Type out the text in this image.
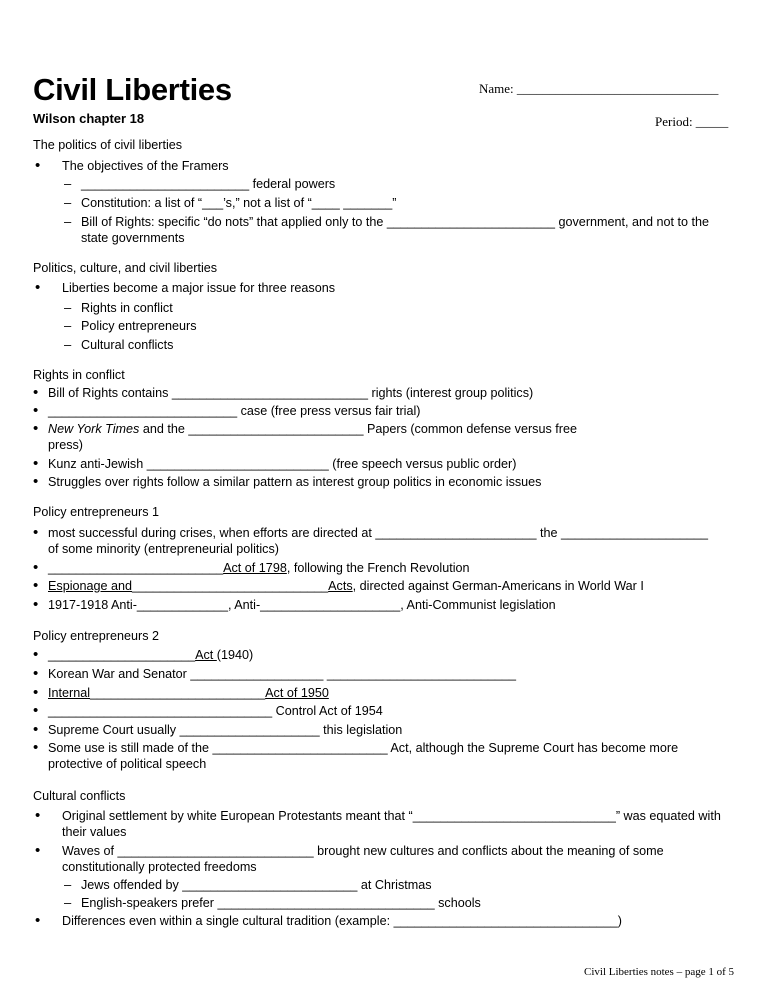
Civil Liberties
Wilson chapter 18
Name: _______________________________
Period: _____
The politics of civil liberties
• The objectives of the Framers
– ________________________ federal powers
– Constitution: a list of “___’s,” not a list of “____ _______”
– Bill of Rights: specific “do nots” that applied only to the ________________________ government, and not to the
state governments
Politics, culture, and civil liberties
• Liberties become a major issue for three reasons
– Rights in conflict
– Policy entrepreneurs
– Cultural conflicts
Rights in conflict
• Bill of Rights contains ____________________________ rights (interest group politics)
• ___________________________ case (free press versus fair trial)
• New York Times and the _________________________ Papers (common defense versus free
press)
• Kunz anti-Jewish __________________________ (free speech versus public order)
• Struggles over rights follow a similar pattern as interest group politics in economic issues
Policy entrepreneurs 1
• most successful during crises, when efforts are directed at _______________________ the _____________________
of some minority (entrepreneurial politics)
• _________________________Act of 1798, following the French Revolution
• Espionage and____________________________Acts, directed against German-Americans in World War I
• 1917-1918 Anti-_____________, Anti-____________________, Anti-Communist legislation
Policy entrepreneurs 2
• _____________________Act (1940)
• Korean War and Senator ___________________ ___________________________
• Internal_________________________Act of 1950
• ________________________________ Control Act of 1954
• Supreme Court usually ____________________ this legislation
• Some use is still made of the _________________________ Act, although the Supreme Court has become more
protective of political speech
Cultural conflicts
• Original settlement by white European Protestants meant that “_____________________________” was equated with
their values
• Waves of ____________________________ brought new cultures and conflicts about the meaning of some
constitutionally protected freedoms
– Jews offended by _________________________ at Christmas
– English-speakers prefer _______________________________ schools
• Differences even within a single cultural tradition (example: ________________________________)
Civil Liberties notes – page 1 of 5
